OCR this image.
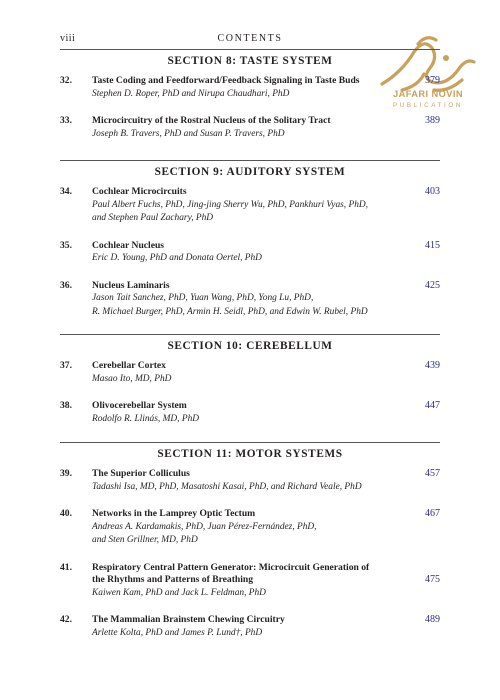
viii	CONTENTS
JAFARI NOVIN
PUBLICATION
SECTION 8: TASTE SYSTEM
32. Taste Coding and Feedforward/Feedback Signaling in Taste Buds
Stephen D. Roper, PhD and Nirupa Chaudhari, PhD
379
33. Microcircuitry of the Rostral Nucleus of the Solitary Tract
Joseph B. Travers, PhD and Susan P. Travers, PhD
389
SECTION 9: AUDITORY SYSTEM
34. Cochlear Microcircuits
Paul Albert Fuchs, PhD, Jing-jing Sherry Wu, PhD, Pankhuri Vyas, PhD,
and Stephen Paul Zachary, PhD
403
35. Cochlear Nucleus
Eric D. Young, PhD and Donata Oertel, PhD
415
36. Nucleus Laminaris
Jason Tait Sanchez, PhD, Yuan Wang, PhD, Yong Lu, PhD,
R. Michael Burger, PhD, Armin H. Seidl, PhD, and Edwin W. Rubel, PhD
425
SECTION 10: CEREBELLUM
37. Cerebellar Cortex
Masao Ito, MD, PhD
439
38. Olivocerebellar System
Rodolfo R. Llinás, MD, PhD
447
SECTION 11: MOTOR SYSTEMS
39. The Superior Colliculus
Tadashi Isa, MD, PhD, Masatoshi Kasai, PhD, and Richard Veale, PhD
457
40. Networks in the Lamprey Optic Tectum
Andreas A. Kardamakis, PhD, Juan Pérez-Fernández, PhD,
and Sten Grillner, MD, PhD
467
41. Respiratory Central Pattern Generator: Microcircuit Generation of
the Rhythms and Patterns of Breathing
Kaiwen Kam, PhD and Jack L. Feldman, PhD
475
42. The Mammalian Brainstem Chewing Circuitry
Arlette Kolta, PhD and James P. Lund†, PhD
489
